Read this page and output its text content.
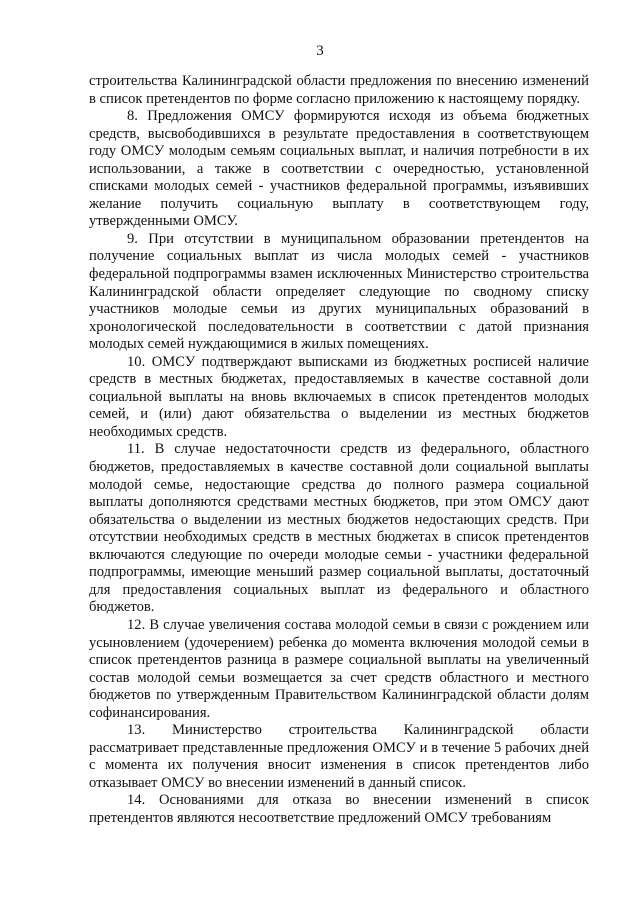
3

строительства Калининградской области предложения по внесению изменений в список претендентов по форме согласно приложению к настоящему порядку.

8. Предложения ОМСУ формируются исходя из объема бюджетных средств, высвободившихся в результате предоставления в соответствующем году ОМСУ молодым семьям социальных выплат, и наличия потребности в их использовании, а также в соответствии с очередностью, установленной списками молодых семей - участников федеральной программы, изъявивших желание получить социальную выплату в соответствующем году, утвержденными ОМСУ.

9. При отсутствии в муниципальном образовании претендентов на получение социальных выплат из числа молодых семей - участников федеральной подпрограммы взамен исключенных Министерство строительства Калининградской области определяет следующие по сводному списку участников молодые семьи из других муниципальных образований в хронологической последовательности в соответствии с датой признания молодых семей нуждающимися в жилых помещениях.

10. ОМСУ подтверждают выписками из бюджетных росписей наличие средств в местных бюджетах, предоставляемых в качестве составной доли социальной выплаты на вновь включаемых в список претендентов молодых семей, и (или) дают обязательства о выделении из местных бюджетов необходимых средств.

11. В случае недостаточности средств из федерального, областного бюджетов, предоставляемых в качестве составной доли социальной выплаты молодой семье, недостающие средства до полного размера социальной выплаты дополняются средствами местных бюджетов, при этом ОМСУ дают обязательства о выделении из местных бюджетов недостающих средств. При отсутствии необходимых средств в местных бюджетах в список претендентов включаются следующие по очереди молодые семьи - участники федеральной подпрограммы, имеющие меньший размер социальной выплаты, достаточный для предоставления социальных выплат из федерального и областного бюджетов.

12. В случае увеличения состава молодой семьи в связи с рождением или усыновлением (удочерением) ребенка до момента включения молодой семьи в список претендентов разница в размере социальной выплаты на увеличенный состав молодой семьи возмещается за счет средств областного и местного бюджетов по утвержденным Правительством Калининградской области долям софинансирования.

13. Министерство строительства Калининградской области рассматривает представленные предложения ОМСУ и в течение 5 рабочих дней с момента их получения вносит изменения в список претендентов либо отказывает ОМСУ во внесении изменений в данный список.

14. Основаниями для отказа во внесении изменений в список претендентов являются несоответствие предложений ОМСУ требованиям
